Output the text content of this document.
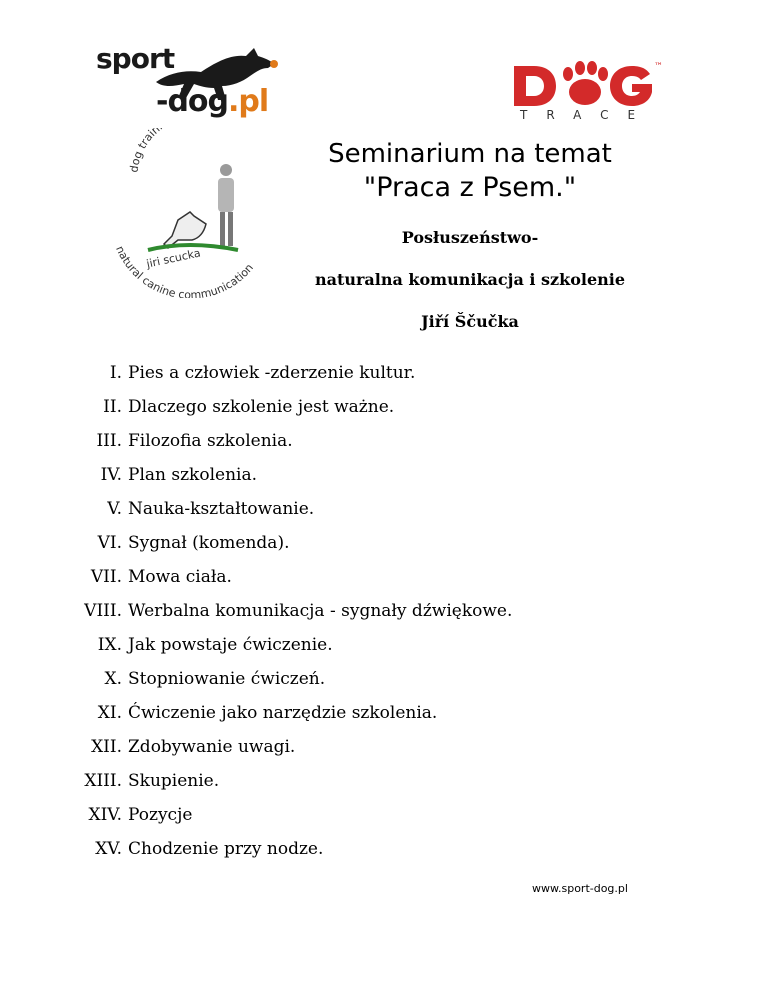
sport
-dog.pl
™
TRACE
dog train
natural canine communication
jiri scucka
Seminarium na temat
"Praca z Psem."
Posłuszeństwo-
naturalna komunikacja i szkolenie
Jiří Ščučka
I. Pies a człowiek -zderzenie kultur.
II. Dlaczego szkolenie jest ważne.
III. Filozofia szkolenia.
IV. Plan szkolenia.
V. Nauka-kształtowanie.
VI. Sygnał (komenda).
VII. Mowa ciała.
VIII. Werbalna komunikacja - sygnały dźwiękowe.
IX. Jak powstaje ćwiczenie.
X. Stopniowanie ćwiczeń.
XI. Ćwiczenie jako narzędzie szkolenia.
XII. Zdobywanie uwagi.
XIII. Skupienie.
XIV. Pozycje
XV. Chodzenie przy nodze.
www.sport-dog.pl
